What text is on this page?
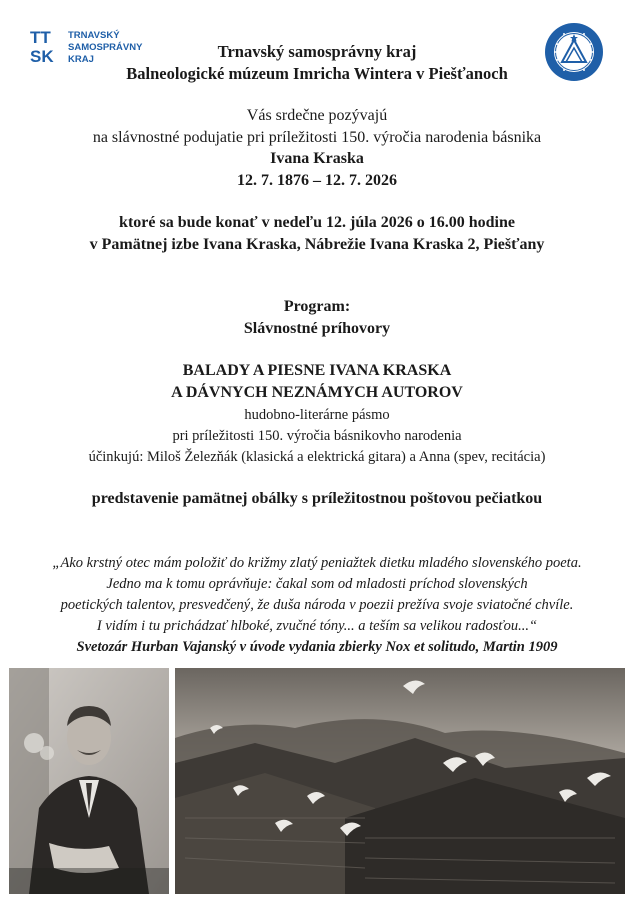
TT
SK
TRNAVSKÝ
SAMOSPRÁVNY
KRAJ	Trnavský samosprávny kraj
Balneologické múzeum Imricha Wintera v Piešťanoch
Vás srdečne pozývajú
na slávnostné podujatie pri príležitosti 150. výročia narodenia básnika
Ivana Kraska
12. 7. 1876 – 12. 7. 2026
ktoré sa bude konať v nedeľu 12. júla 2026 o 16.00 hodine
v Pamätnej izbe Ivana Kraska, Nábrežie Ivana Kraska 2, Piešťany
Program:
Slávnostné príhovory
BALADY A PIESNE IVANA KRASKA
A DÁVNYCH NEZNÁMYCH AUTOROV
hudobno-literárne pásmo
pri príležitosti 150. výročia básnikovho narodenia
účinkujú: Miloš Železňák (klasická a elektrická gitara) a Anna (spev, recitácia)
predstavenie pamätnej obálky s príležitostnou poštovou pečiatkou
„Ako krstný otec mám položiť do križmy zlatý peniažtek dietku mladého slovenského poeta.
Jedno ma k tomu oprávňuje: čakal som od mladosti príchod slovenských
poetických talentov, presvedčený, že duša národa v poezii prežíva svoje sviatočné chvíle.
I vidím i tu prichádzať hlboké, zvučné tóny... a teším sa velikou radosťou...“
Svetozár Hurban Vajanský v úvode vydania zbierky Nox et solitudo, Martin 1909
